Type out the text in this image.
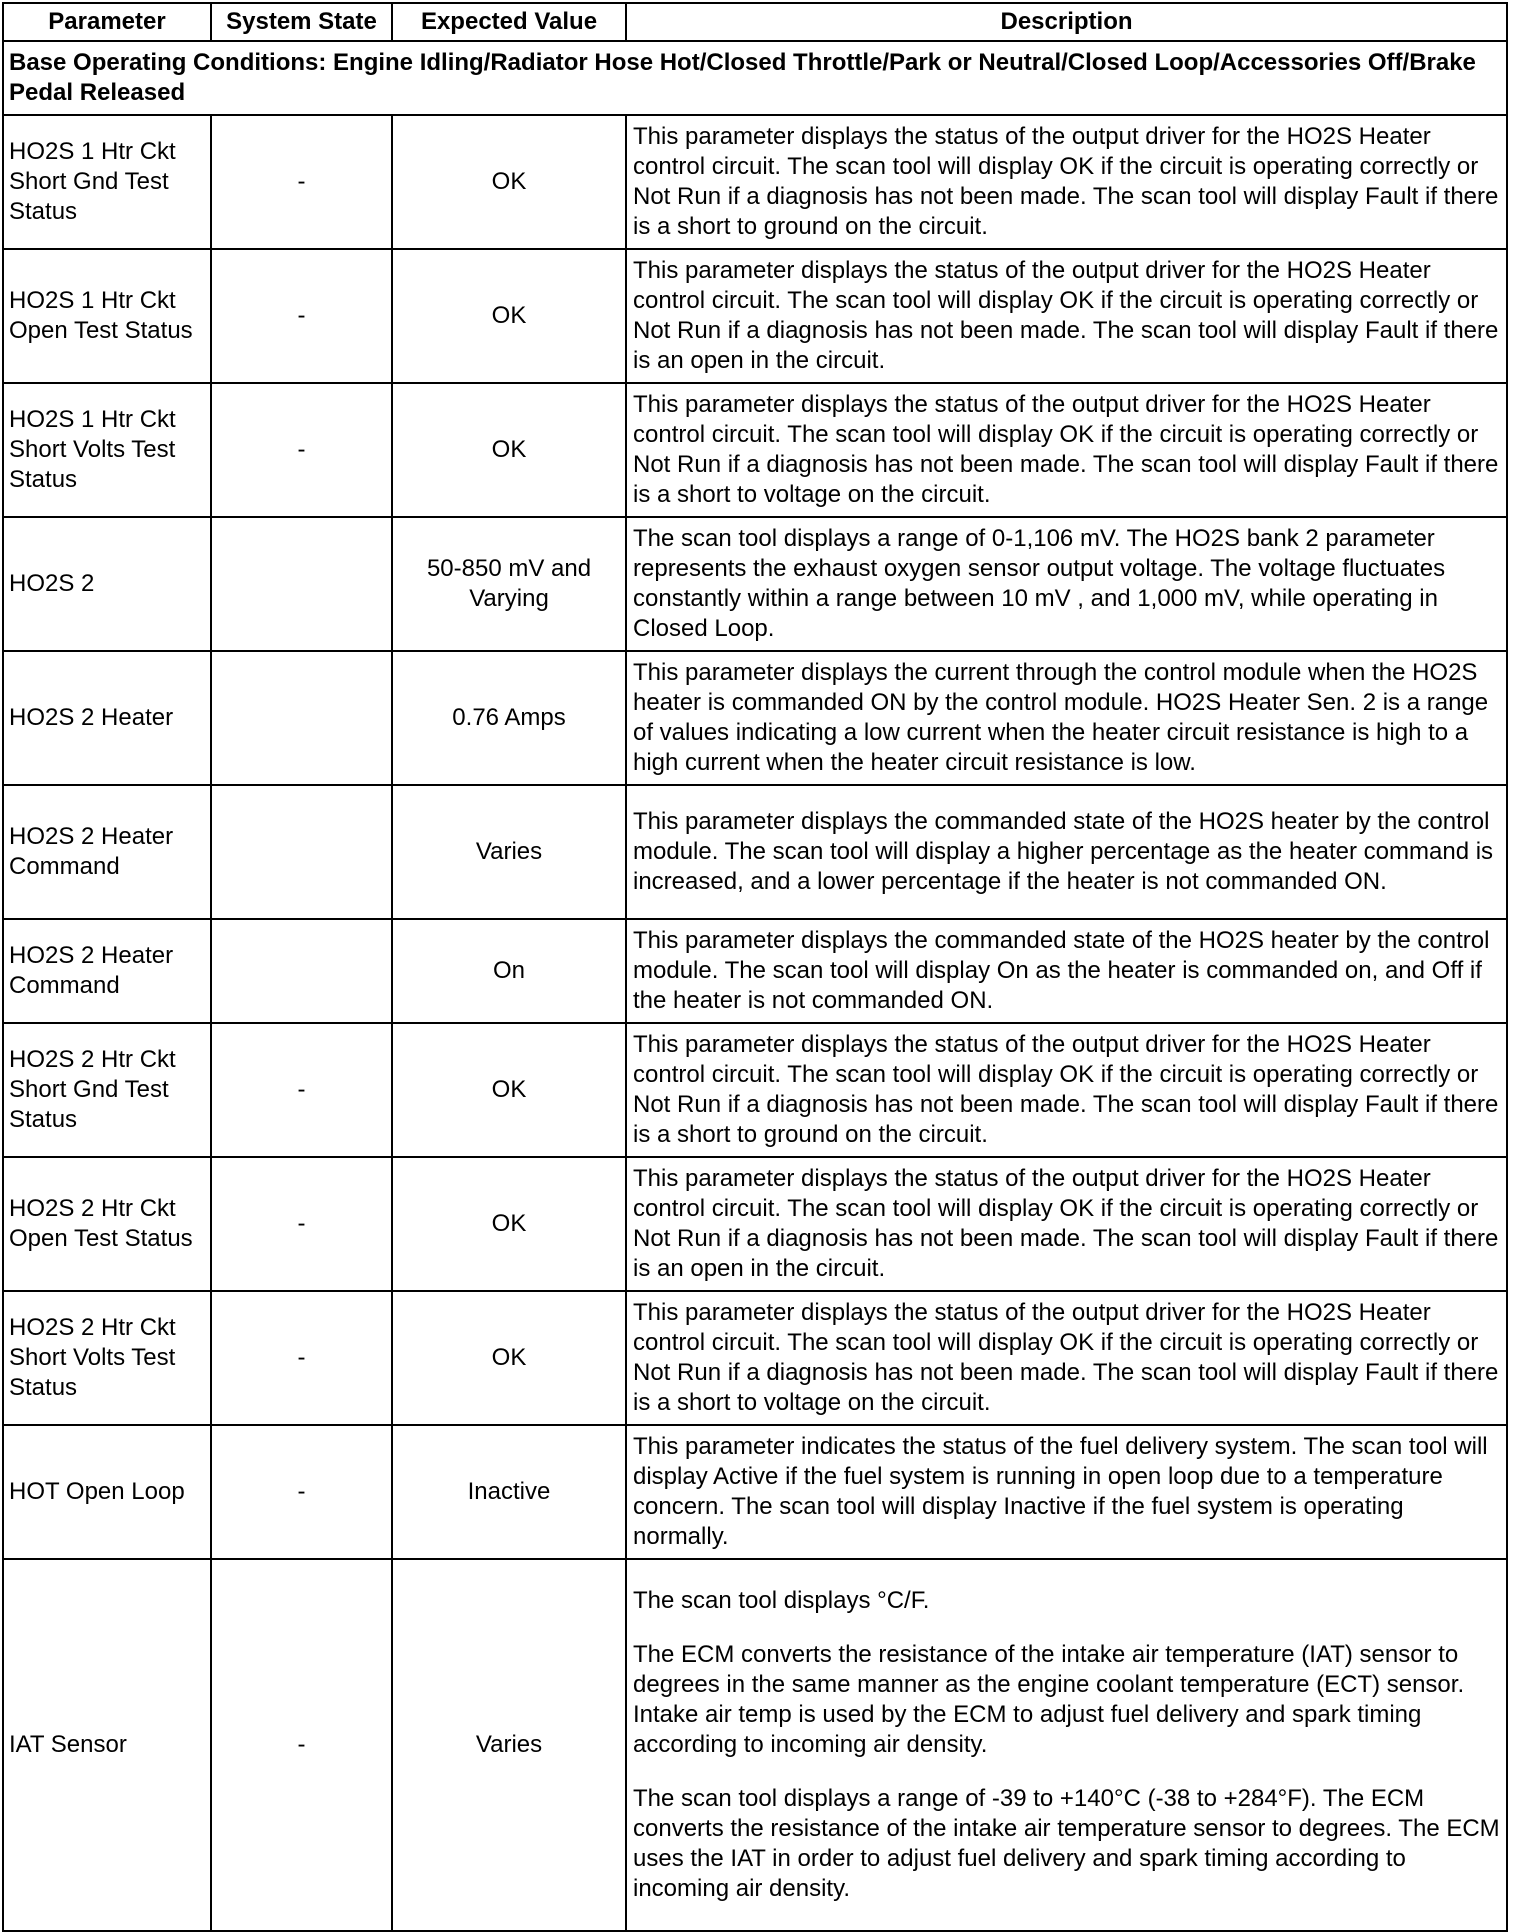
Parameter	System State	Expected Value	Description
Base Operating Conditions: Engine Idling/Radiator Hose Hot/Closed Throttle/Park or Neutral/Closed Loop/Accessories Off/Brake Pedal Released			
HO2S 1 Htr Ckt Short Gnd Test Status	-	OK	This parameter displays the status of the output driver for the HO2S Heater control circuit. The scan tool will display OK if the circuit is operating correctly or Not Run if a diagnosis has not been made. The scan tool will display Fault if there is a short to ground on the circuit.
HO2S 1 Htr Ckt Open Test Status	-	OK	This parameter displays the status of the output driver for the HO2S Heater control circuit. The scan tool will display OK if the circuit is operating correctly or Not Run if a diagnosis has not been made. The scan tool will display Fault if there is an open in the circuit.
HO2S 1 Htr Ckt Short Volts Test Status	-	OK	This parameter displays the status of the output driver for the HO2S Heater control circuit. The scan tool will display OK if the circuit is operating correctly or Not Run if a diagnosis has not been made. The scan tool will display Fault if there is a short to voltage on the circuit.
HO2S 2		50-850 mV and Varying	The scan tool displays a range of 0-1,106 mV. The HO2S bank 2 parameter represents the exhaust oxygen sensor output voltage. The voltage fluctuates constantly within a range between 10 mV , and 1,000 mV, while operating in Closed Loop.
HO2S 2 Heater		0.76 Amps	This parameter displays the current through the control module when the HO2S heater is commanded ON by the control module. HO2S Heater Sen. 2 is a range of values indicating a low current when the heater circuit resistance is high to a high current when the heater circuit resistance is low.
HO2S 2 Heater Command		Varies	This parameter displays the commanded state of the HO2S heater by the control module. The scan tool will display a higher percentage as the heater command is increased, and a lower percentage if the heater is not commanded ON.
HO2S 2 Heater Command		On	This parameter displays the commanded state of the HO2S heater by the control module. The scan tool will display On as the heater is commanded on, and Off if the heater is not commanded ON.
HO2S 2 Htr Ckt Short Gnd Test Status	-	OK	This parameter displays the status of the output driver for the HO2S Heater control circuit. The scan tool will display OK if the circuit is operating correctly or Not Run if a diagnosis has not been made. The scan tool will display Fault if there is a short to ground on the circuit.
HO2S 2 Htr Ckt Open Test Status	-	OK	This parameter displays the status of the output driver for the HO2S Heater control circuit. The scan tool will display OK if the circuit is operating correctly or Not Run if a diagnosis has not been made. The scan tool will display Fault if there is an open in the circuit.
HO2S 2 Htr Ckt Short Volts Test Status	-	OK	This parameter displays the status of the output driver for the HO2S Heater control circuit. The scan tool will display OK if the circuit is operating correctly or Not Run if a diagnosis has not been made. The scan tool will display Fault if there is a short to voltage on the circuit.
HOT Open Loop	-	Inactive	This parameter indicates the status of the fuel delivery system. The scan tool will display Active if the fuel system is running in open loop due to a temperature concern. The scan tool will display Inactive if the fuel system is operating normally.
IAT Sensor	-	Varies	The scan tool displays °C/F.

The ECM converts the resistance of the intake air temperature (IAT) sensor to degrees in the same manner as the engine coolant temperature (ECT) sensor. Intake air temp is used by the ECM to adjust fuel delivery and spark timing according to incoming air density.

The scan tool displays a range of -39 to +140°C (-38 to +284°F). The ECM converts the resistance of the intake air temperature sensor to degrees. The ECM uses the IAT in order to adjust fuel delivery and spark timing according to incoming air density.
